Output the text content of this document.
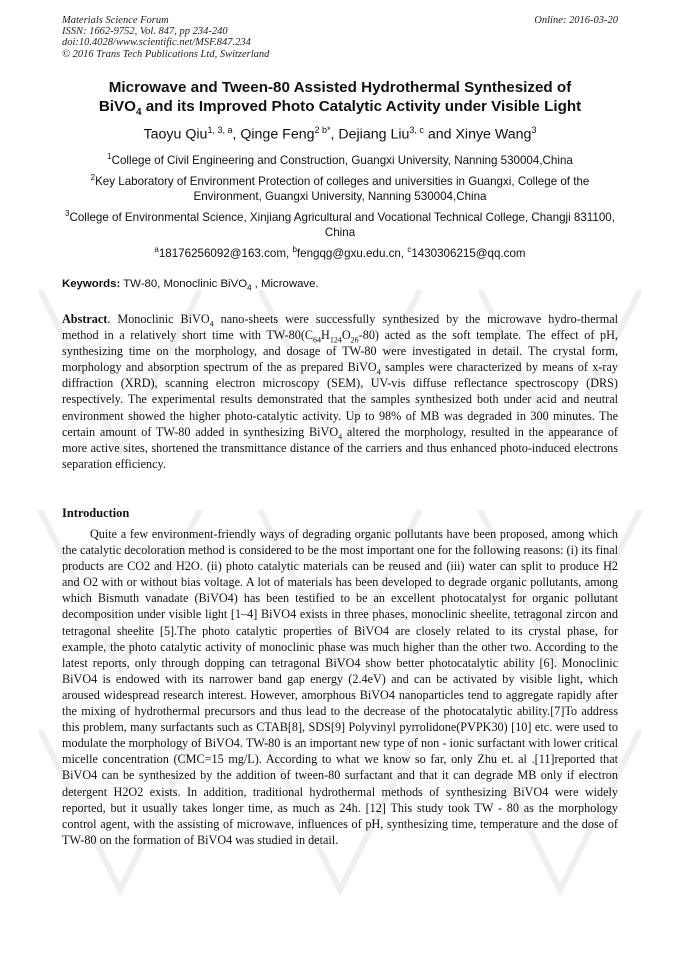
Materials Science Forum
ISSN: 1662-9752, Vol. 847, pp 234-240
doi:10.4028/www.scientific.net/MSF.847.234
© 2016 Trans Tech Publications Ltd, Switzerland
Online: 2016-03-20
Microwave and Tween-80 Assisted Hydrothermal Synthesized of
BiVO$_4$ and its Improved Photo Catalytic Activity under Visible Light
Taoyu Qiu$^{1, 3, a}$, Qinge Feng$^{2 b*}$, Dejiang Liu$^{3, c}$ and Xinye Wang$^3$
$^1$College of Civil Engineering and Construction, Guangxi University, Nanning 530004,China
$^2$Key Laboratory of Environment Protection of colleges and universities in Guangxi, College of the Environment, Guangxi University, Nanning 530004,China
$^3$College of Environmental Science, Xinjiang Agricultural and Vocational Technical College, Changji 831100, China
$^a$18176256092@163.com, $^b$fengqg@gxu.edu.cn, $^c$1430306215@qq.com
Keywords: TW-80, Monoclinic BiVO$_4$ , Microwave.
Abstract. Monoclinic BiVO$_4$ nano-sheets were successfully synthesized by the microwave hydro-thermal method in a relatively short time with $TW-80(C_{64}H_{124}O_{26}-80)$ acted as the soft template. The effect of pH, synthesizing time on the morphology, and dosage of TW-80 were investigated in detail. The crystal form, morphology and absorption spectrum of the as prepared BiVO$_4$ samples were characterized by means of x-ray diffraction (XRD), scanning electron microscopy (SEM), UV-vis diffuse reflectance spectroscopy (DRS) respectively. The experimental results demonstrated that the samples synthesized both under acid and neutral environment showed the higher photo-catalytic activity. Up to 98% of MB was degraded in 300 minutes. The certain amount of TW-80 added in synthesizing BiVO$_4$ altered the morphology, resulted in the appearance of more active sites, shortened the transmittance distance of the carriers and thus enhanced photo-induced electrons separation efficiency.
Introduction
Quite a few environment-friendly ways of degrading organic pollutants have been proposed, among which the catalytic decoloration method is considered to be the most important one for the following reasons: (i) its final products are CO2 and H2O. (ii) photo catalytic materials can be reused and (iii) water can split to produce H2 and O2 with or without bias voltage. A lot of materials has been developed to degrade organic pollutants, among which Bismuth vanadate (BiVO4) has been testified to be an excellent photocatalyst for organic pollutant decomposition under visible light [1–4] BiVO4 exists in three phases, monoclinic sheelite, tetragonal zircon and tetragonal sheelite [5].The photo catalytic properties of BiVO4 are closely related to its crystal phase, for example, the photo catalytic activity of monoclinic phase was much higher than the other two. According to the latest reports, only through dopping can tetragonal BiVO4 show better photocatalytic ability [6]. Monoclinic BiVO4 is endowed with its narrower band gap energy (2.4eV) and can be activated by visible light, which aroused widespread research interest. However, amorphous BiVO4 nanoparticles tend to aggregate rapidly after the mixing of hydrothermal precursors and thus lead to the decrease of the photocatalytic ability.[7]To address this problem, many surfactants such as CTAB[8], SDS[9] Polyvinyl pyrrolidone(PVPK30) [10] etc. were used to modulate the morphology of BiVO4. TW-80 is an important new type of non - ionic surfactant with lower critical micelle concentration (CMC=15 mg/L). According to what we know so far, only Zhu et. al .[11]reported that BiVO4 can be synthesized by the addition of tween-80 surfactant and that it can degrade MB only if electron detergent H2O2 exists. In addition, traditional hydrothermal methods of synthesizing BiVO4 were widely reported, but it usually takes longer time, as much as 24h. [12] This study took TW - 80 as the morphology control agent, with the assisting of microwave, influences of pH, synthesizing time, temperature and the dose of TW-80 on the formation of BiVO4 was studied in detail.
